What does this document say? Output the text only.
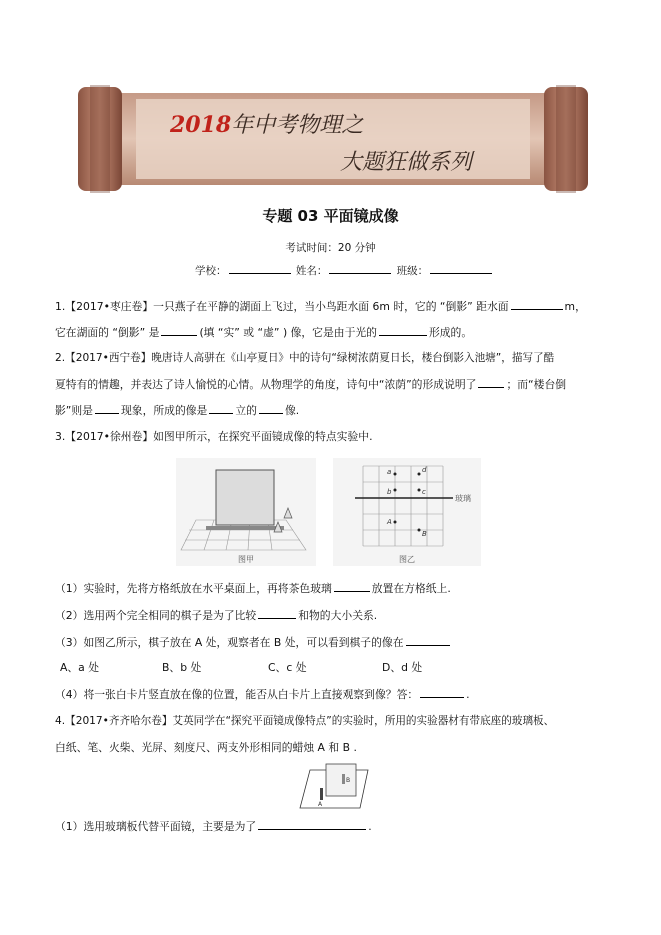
2018年中考物理之
大题狂做系列
专题 03 平面镜成像
考试时间：20 分钟
学校：	姓名：	班级：
1.【2017•枣庄卷】一只燕子在平静的湖面上飞过，当小鸟距水面 6m 时，它的 “倒影” 距水面	m，
它在湖面的 “倒影” 是	(填 “实” 或 “虚” ) 像，它是由于光的	形成的。
2.【2017•西宁卷】晚唐诗人高骈在《山亭夏日》中的诗句“绿树浓荫夏日长，楼台倒影入池塘”，描写了酷
夏特有的情趣，并表达了诗人愉悦的心情。从物理学的角度，诗句中“浓荫”的形成说明了	；而“楼台倒
影”则是	现象，所成的像是	立的	像.
3.【2017•徐州卷】如图甲所示，在探究平面镜成像的特点实验中.
图甲
a	d
b	c
A
B
玻璃
图乙
（1）实验时，先将方格纸放在水平桌面上，再将茶色玻璃	放置在方格纸上.
（2）选用两个完全相同的棋子是为了比较	和物的大小关系.
（3）如图乙所示，棋子放在 A 处，观察者在 B 处，可以看到棋子的像在
A、a 处	B、b 处	C、c 处	D、d 处
（4）将一张白卡片竖直放在像的位置，能否从白卡片上直接观察到像？答：	.
4.【2017•齐齐哈尔卷】艾英同学在“探究平面镜成像特点”的实验时，所用的实验器材有带底座的玻璃板、
白纸、笔、火柴、光屏、刻度尺、两支外形相同的蜡烛 A 和 B .
A
B
（1）选用玻璃板代替平面镜，主要是为了	.
